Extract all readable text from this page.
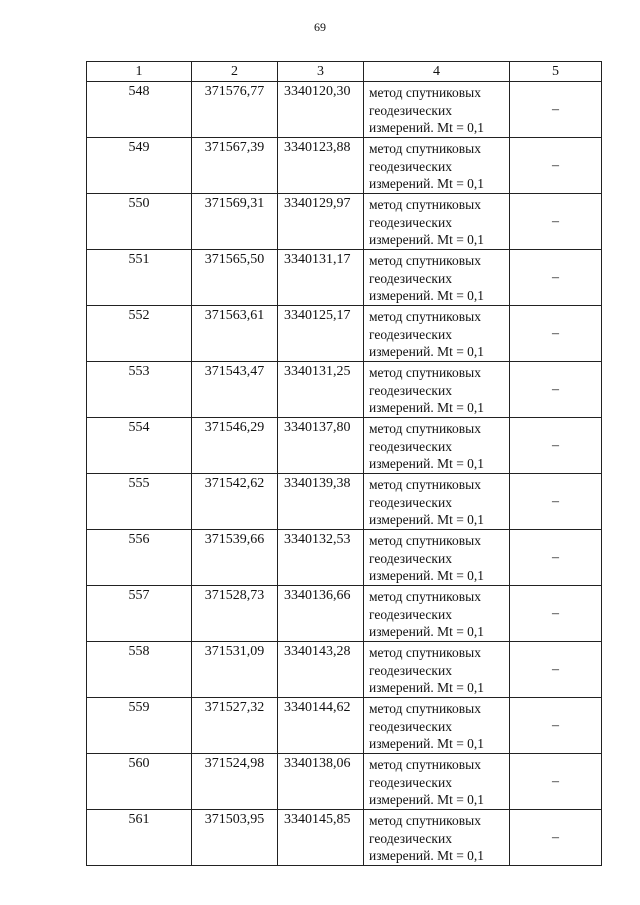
69
1	2	3	4	5
548	371576,77	3340120,30	метод спутниковых
геодезических
измерений. Mt = 0,1	–
549	371567,39	3340123,88	метод спутниковых
геодезических
измерений. Mt = 0,1	–
550	371569,31	3340129,97	метод спутниковых
геодезических
измерений. Mt = 0,1	–
551	371565,50	3340131,17	метод спутниковых
геодезических
измерений. Mt = 0,1	–
552	371563,61	3340125,17	метод спутниковых
геодезических
измерений. Mt = 0,1	–
553	371543,47	3340131,25	метод спутниковых
геодезических
измерений. Mt = 0,1	–
554	371546,29	3340137,80	метод спутниковых
геодезических
измерений. Mt = 0,1	–
555	371542,62	3340139,38	метод спутниковых
геодезических
измерений. Mt = 0,1	–
556	371539,66	3340132,53	метод спутниковых
геодезических
измерений. Mt = 0,1	–
557	371528,73	3340136,66	метод спутниковых
геодезических
измерений. Mt = 0,1	–
558	371531,09	3340143,28	метод спутниковых
геодезических
измерений. Mt = 0,1	–
559	371527,32	3340144,62	метод спутниковых
геодезических
измерений. Mt = 0,1	–
560	371524,98	3340138,06	метод спутниковых
геодезических
измерений. Mt = 0,1	–
561	371503,95	3340145,85	метод спутниковых
геодезических
измерений. Mt = 0,1	–
